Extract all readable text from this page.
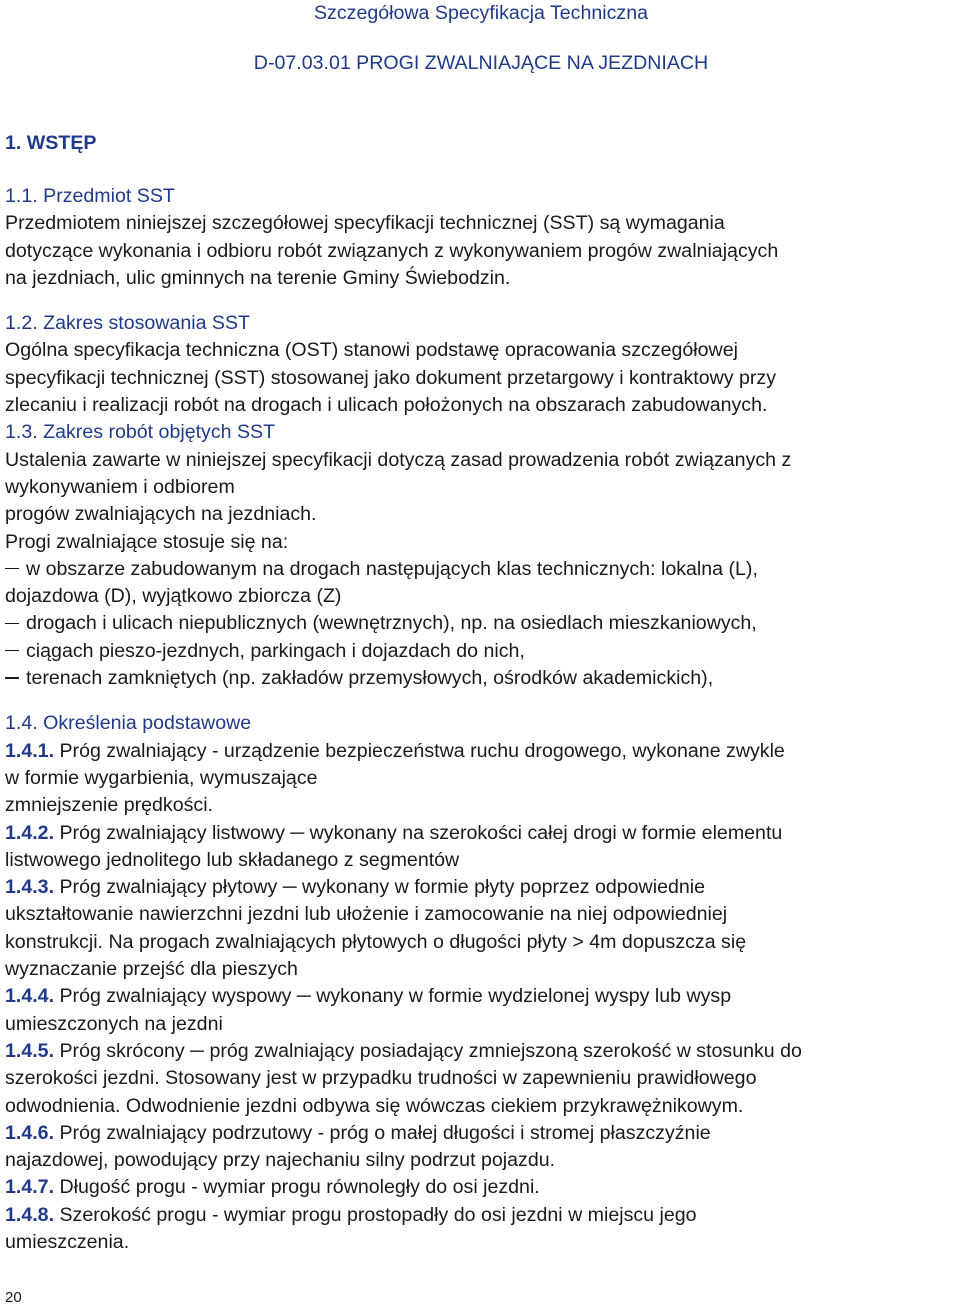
Szczegółowa Specyfikacja Techniczna
D-07.03.01 PROGI ZWALNIAJĄCE NA JEZDNIACH
1. WSTĘP
1.1. Przedmiot SST
Przedmiotem niniejszej szczegółowej specyfikacji technicznej (SST) są wymagania
dotyczące wykonania i odbioru robót związanych z wykonywaniem progów zwalniających
na jezdniach, ulic gminnych na terenie Gminy Świebodzin.
1.2. Zakres stosowania SST
Ogólna specyfikacja techniczna (OST) stanowi podstawę opracowania szczegółowej
specyfikacji technicznej (SST) stosowanej jako dokument przetargowy i kontraktowy przy
zlecaniu i realizacji robót na drogach i ulicach położonych na obszarach zabudowanych.
1.3. Zakres robót objętych SST
Ustalenia zawarte w niniejszej specyfikacji dotyczą zasad prowadzenia robót związanych z
wykonywaniem i odbiorem
progów zwalniających na jezdniach.
Progi zwalniające stosuje się na:
w obszarze zabudowanym na drogach następujących klas technicznych: lokalna (L),
dojazdowa (D), wyjątkowo zbiorcza (Z)
drogach i ulicach niepublicznych (wewnętrznych), np. na osiedlach mieszkaniowych,
ciągach pieszo-jezdnych, parkingach i dojazdach do nich,
terenach zamkniętych (np. zakładów przemysłowych, ośrodków akademickich),
1.4. Określenia podstawowe
1.4.1. Próg zwalniający - urządzenie bezpieczeństwa ruchu drogowego, wykonane zwykle
w formie wygarbienia, wymuszające
zmniejszenie prędkości.
1.4.2. Próg zwalniający listwowy ─ wykonany na szerokości całej drogi w formie elementu
listwowego jednolitego lub składanego z segmentów
1.4.3. Próg zwalniający płytowy ─ wykonany w formie płyty poprzez odpowiednie
ukształtowanie nawierzchni jezdni lub ułożenie i zamocowanie na niej odpowiedniej
konstrukcji. Na progach zwalniających płytowych o długości płyty > 4m dopuszcza się
wyznaczanie przejść dla pieszych
1.4.4. Próg zwalniający wyspowy ─ wykonany w formie wydzielonej wyspy lub wysp
umieszczonych na jezdni
1.4.5. Próg skrócony ─ próg zwalniający posiadający zmniejszoną szerokość w stosunku do
szerokości jezdni. Stosowany jest w przypadku trudności w zapewnieniu prawidłowego
odwodnienia. Odwodnienie jezdni odbywa się wówczas ciekiem przykrawężnikowym.
1.4.6. Próg zwalniający podrzutowy - próg o małej długości i stromej płaszczyźnie
najazdowej, powodujący przy najechaniu silny podrzut pojazdu.
1.4.7. Długość progu - wymiar progu równoległy do osi jezdni.
1.4.8. Szerokość progu - wymiar progu prostopadły do osi jezdni w miejscu jego
umieszczenia.
20
